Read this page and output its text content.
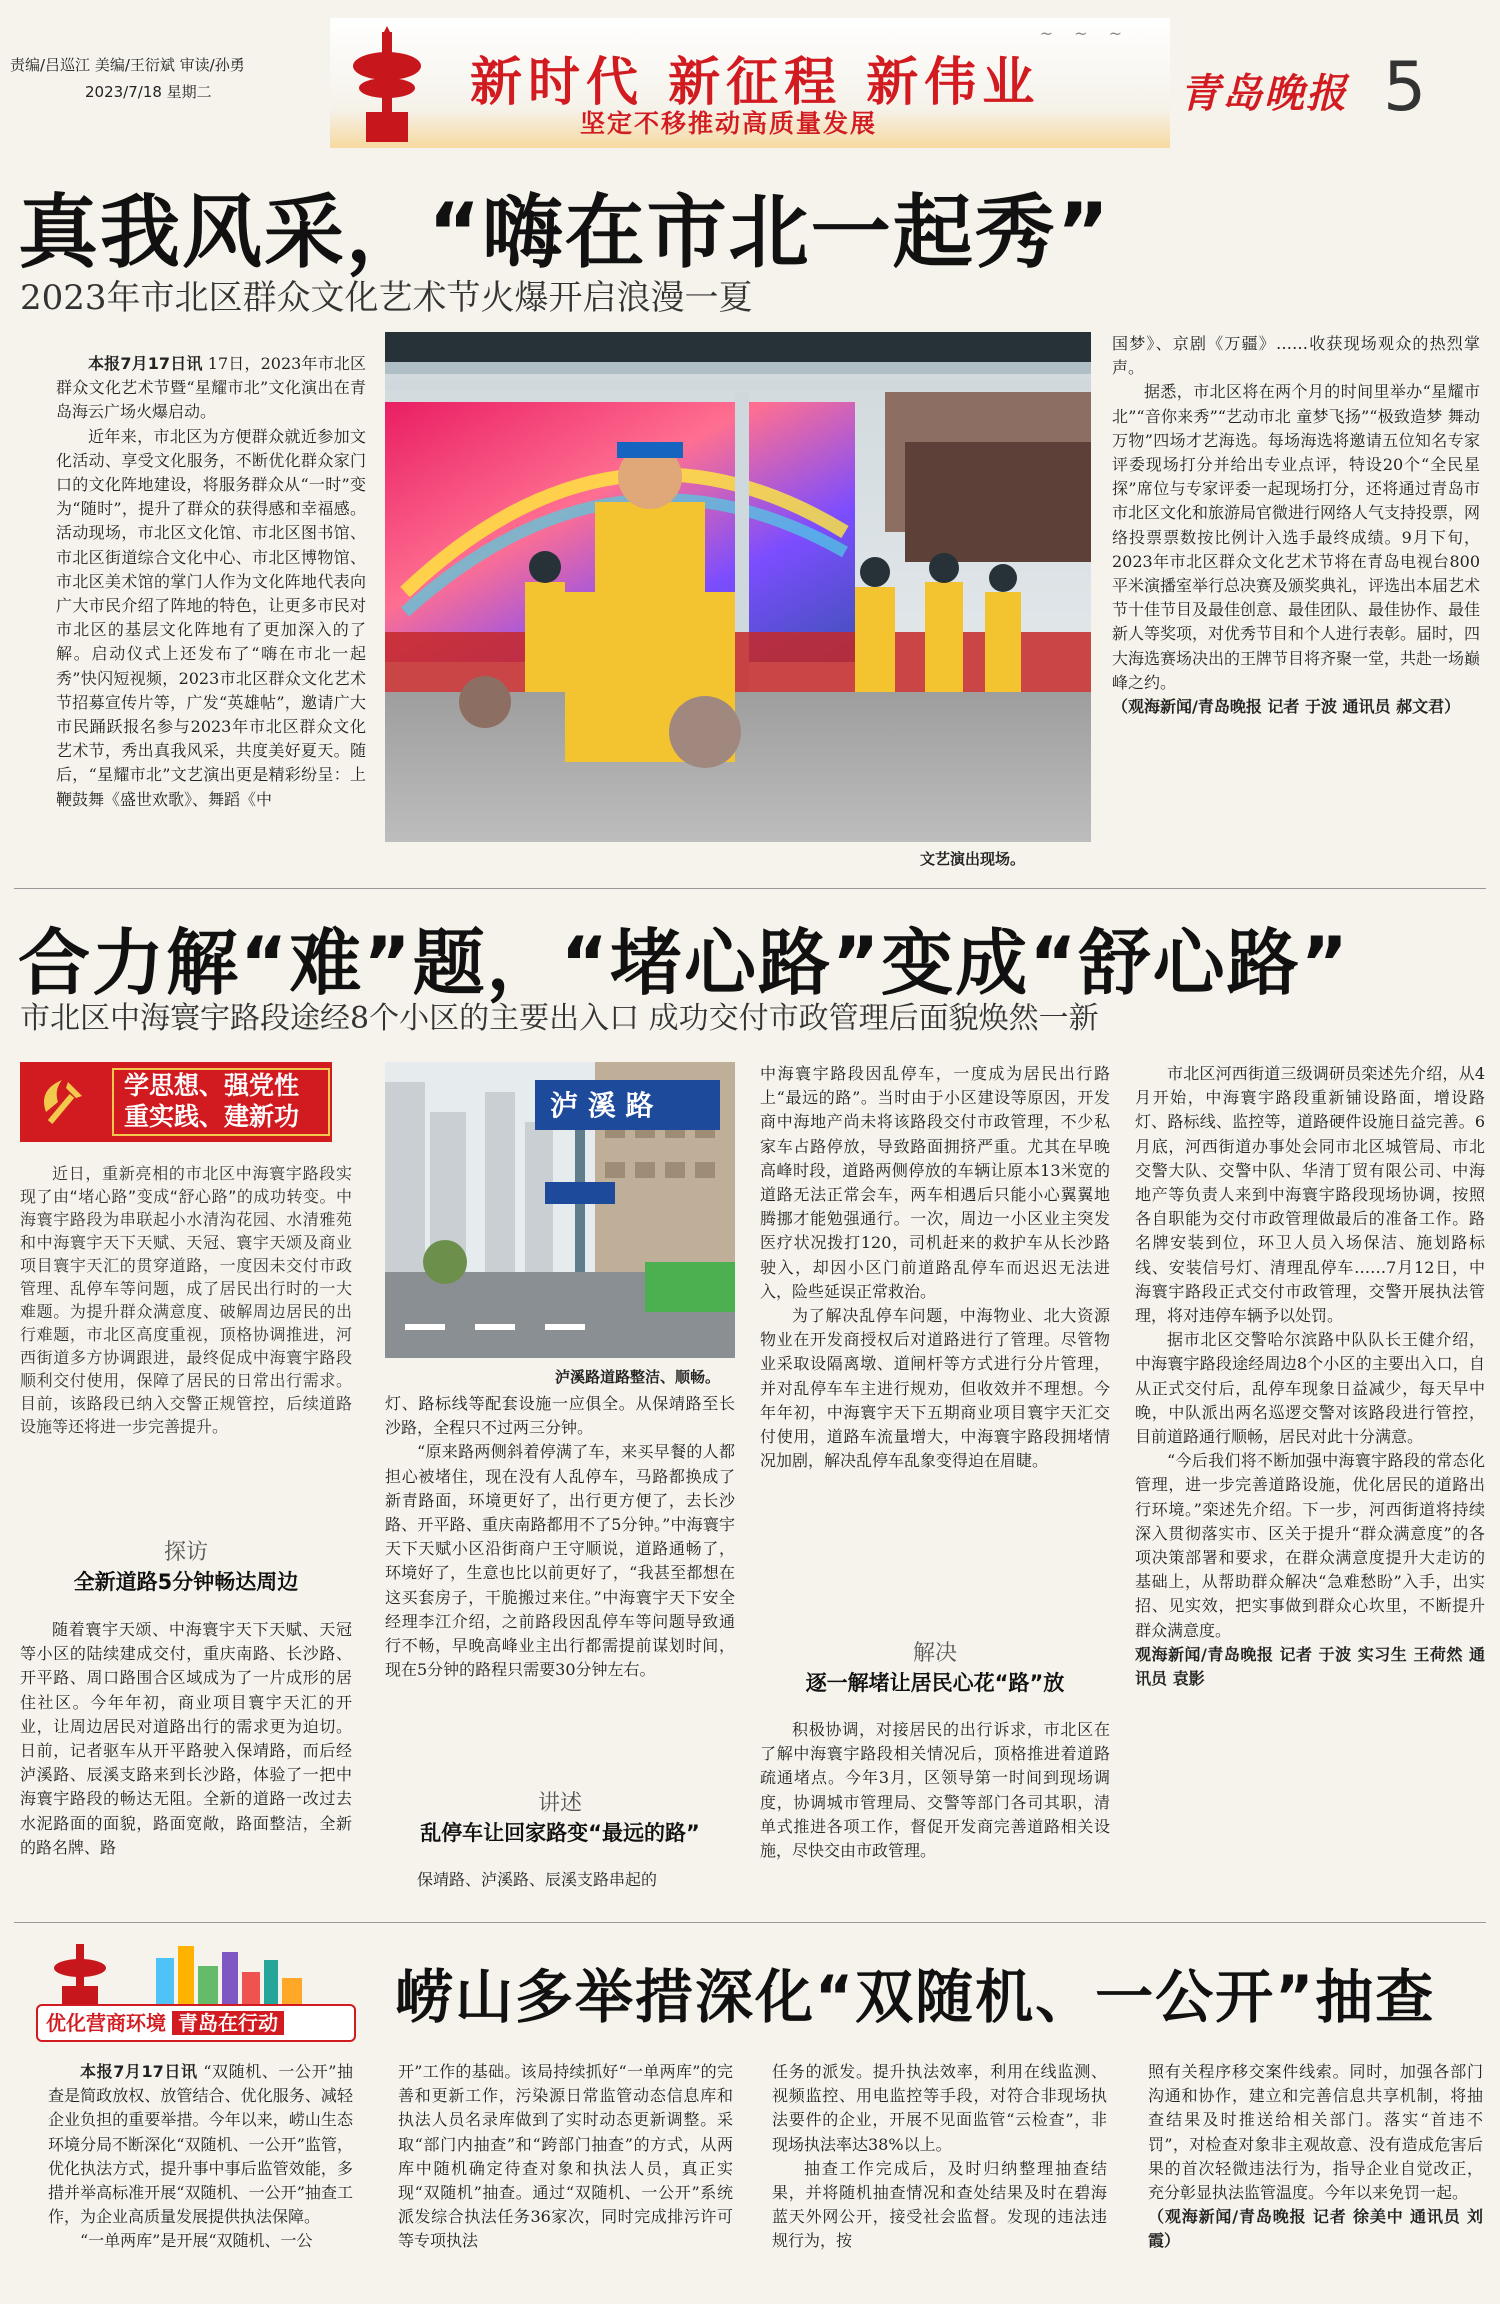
责编/吕巡江 美编/王衍斌 审读/孙勇
2023/7/18 星期二
~ ~ ~
新时代 新征程 新伟业
坚定不移推动高质量发展
青岛晚报 5
真我风采，“嗨在市北一起秀”
2023年市北区群众文化艺术节火爆开启浪漫一夏

本报7月17日讯 17日，2023年市北区群众文化艺术节暨“星耀市北”文化演出在青岛海云广场火爆启动。

近年来，市北区为方便群众就近参加文化活动、享受文化服务，不断优化群众家门口的文化阵地建设，将服务群众从“一时”变为“随时”，提升了群众的获得感和幸福感。活动现场，市北区文化馆、市北区图书馆、市北区街道综合文化中心、市北区博物馆、市北区美术馆的掌门人作为文化阵地代表向广大市民介绍了阵地的特色，让更多市民对市北区的基层文化阵地有了更加深入的了解。启动仪式上还发布了“嗨在市北一起秀”快闪短视频，2023市北区群众文化艺术节招募宣传片等，广发“英雄帖”，邀请广大市民踊跃报名参与2023年市北区群众文化艺术节，秀出真我风采，共度美好夏天。随后，“星耀市北”文艺演出更是精彩纷呈：上鞭鼓舞《盛世欢歌》、舞蹈《中

文艺演出现场。

国梦》、京剧《万疆》……收获现场观众的热烈掌声。

据悉，市北区将在两个月的时间里举办“星耀市北”“音你来秀”“艺动市北 童梦飞扬”“极致造梦 舞动万物”四场才艺海选。每场海选将邀请五位知名专家评委现场打分并给出专业点评，特设20个“全民星探”席位与专家评委一起现场打分，还将通过青岛市市北区文化和旅游局官微进行网络人气支持投票，网络投票票数按比例计入选手最终成绩。9月下旬，2023年市北区群众文化艺术节将在青岛电视台800平米演播室举行总决赛及颁奖典礼，评选出本届艺术节十佳节目及最佳创意、最佳团队、最佳协作、最佳新人等奖项，对优秀节目和个人进行表彰。届时，四大海选赛场决出的王牌节目将齐聚一堂，共赴一场巅峰之约。

（观海新闻/青岛晚报 记者 于波 通讯员 郝文君）

合力解“难”题，“堵心路”变成“舒心路”
市北区中海寰宇路段途经8个小区的主要出入口 成功交付市政管理后面貌焕然一新
学思想、强党性
重实践、建新功
近日，重新亮相的市北区中海寰宇路段实现了由“堵心路”变成“舒心路”的成功转变。中海寰宇路段为串联起小水清沟花园、水清雅苑和中海寰宇天下天赋、天冠、寰宇天颂及商业项目寰宇天汇的贯穿道路，一度因未交付市政管理、乱停车等问题，成了居民出行时的一大难题。为提升群众满意度、破解周边居民的出行难题，市北区高度重视，顶格协调推进，河西街道多方协调跟进，最终促成中海寰宇路段顺利交付使用，保障了居民的日常出行需求。目前，该路段已纳入交警正规管控，后续道路设施等还将进一步完善提升。
探访
全新道路5分钟畅达周边

随着寰宇天颂、中海寰宇天下天赋、天冠等小区的陆续建成交付，重庆南路、长沙路、开平路、周口路围合区域成为了一片成形的居住社区。今年年初，商业项目寰宇天汇的开业，让周边居民对道路出行的需求更为迫切。日前，记者驱车从开平路驶入保靖路，而后经泸溪路、辰溪支路来到长沙路，体验了一把中海寰宇路段的畅达无阻。全新的道路一改过去水泥路面的面貌，路面宽敞，路面整洁，全新的路名牌、路

泸 溪 路
泸溪路道路整洁、顺畅。

灯、路标线等配套设施一应俱全。从保靖路至长沙路，全程只不过两三分钟。

“原来路两侧斜着停满了车，来买早餐的人都担心被堵住，现在没有人乱停车，马路都换成了新青路面，环境更好了，出行更方便了，去长沙路、开平路、重庆南路都用不了5分钟。”中海寰宇天下天赋小区沿街商户王守顺说，道路通畅了，环境好了，生意也比以前更好了，“我甚至都想在这买套房子，干脆搬过来住。”中海寰宇天下安全经理李江介绍，之前路段因乱停车等问题导致通行不畅，早晚高峰业主出行都需提前谋划时间，现在5分钟的路程只需要30分钟左右。

讲述
乱停车让回家路变“最远的路”

保靖路、泸溪路、辰溪支路串起的

中海寰宇路段因乱停车，一度成为居民出行路上“最远的路”。当时由于小区建设等原因，开发商中海地产尚未将该路段交付市政管理，不少私家车占路停放，导致路面拥挤严重。尤其在早晚高峰时段，道路两侧停放的车辆让原本13米宽的道路无法正常会车，两车相遇后只能小心翼翼地腾挪才能勉强通行。一次，周边一小区业主突发医疗状况拨打120，司机赶来的救护车从长沙路驶入，却因小区门前道路乱停车而迟迟无法进入，险些延误正常救治。

为了解决乱停车问题，中海物业、北大资源物业在开发商授权后对道路进行了管理。尽管物业采取设隔离墩、道闸杆等方式进行分片管理，并对乱停车车主进行规劝，但收效并不理想。今年年初，中海寰宇天下五期商业项目寰宇天汇交付使用，道路车流量增大，中海寰宇路段拥堵情况加剧，解决乱停车乱象变得迫在眉睫。

解决
逐一解堵让居民心花“路”放

积极协调，对接居民的出行诉求，市北区在了解中海寰宇路段相关情况后，顶格推进着道路疏通堵点。今年3月，区领导第一时间到现场调度，协调城市管理局、交警等部门各司其职，清单式推进各项工作，督促开发商完善道路相关设施，尽快交由市政管理。

市北区河西街道三级调研员栾述先介绍，从4月开始，中海寰宇路段重新铺设路面，增设路灯、路标线、监控等，道路硬件设施日益完善。6月底，河西街道办事处会同市北区城管局、市北交警大队、交警中队、华清丁贸有限公司、中海地产等负责人来到中海寰宇路段现场协调，按照各自职能为交付市政管理做最后的准备工作。路名牌安装到位，环卫人员入场保洁、施划路标线、安装信号灯、清理乱停车……7月12日，中海寰宇路段正式交付市政管理，交警开展执法管理，将对违停车辆予以处罚。

据市北区交警哈尔滨路中队队长王健介绍，中海寰宇路段途经周边8个小区的主要出入口，自从正式交付后，乱停车现象日益减少，每天早中晚，中队派出两名巡逻交警对该路段进行管控，目前道路通行顺畅，居民对此十分满意。

“今后我们将不断加强中海寰宇路段的常态化管理，进一步完善道路设施，优化居民的道路出行环境。”栾述先介绍。下一步，河西街道将持续深入贯彻落实市、区关于提升“群众满意度”的各项决策部署和要求，在群众满意度提升大走访的基础上，从帮助群众解决“急难愁盼”入手，出实招、见实效，把实事做到群众心坎里，不断提升群众满意度。

观海新闻/青岛晚报 记者 于波 实习生 王荷然 通讯员 袁影

优化营商环境 青岛在行动	崂山多举措深化“双随机、一公开”抽查

本报7月17日讯 “双随机、一公开”抽查是简政放权、放管结合、优化服务、减轻企业负担的重要举措。今年以来，崂山生态环境分局不断深化“双随机、一公开”监管，优化执法方式，提升事中事后监管效能，多措并举高标准开展“双随机、一公开”抽查工作，为企业高质量发展提供执法保障。

“一单两库”是开展“双随机、一公

开”工作的基础。该局持续抓好“一单两库”的完善和更新工作，污染源日常监管动态信息库和执法人员名录库做到了实时动态更新调整。采取“部门内抽查”和“跨部门抽查”的方式，从两库中随机确定待查对象和执法人员，真正实现“双随机”抽查。通过“双随机、一公开”系统派发综合执法任务36家次，同时完成排污许可等专项执法

任务的派发。提升执法效率，利用在线监测、视频监控、用电监控等手段，对符合非现场执法要件的企业，开展不见面监管“云检查”，非现场执法率达38%以上。

抽查工作完成后，及时归纳整理抽查结果，并将随机抽查情况和查处结果及时在碧海蓝天外网公开，接受社会监督。发现的违法违规行为，按

照有关程序移交案件线索。同时，加强各部门沟通和协作，建立和完善信息共享机制，将抽查结果及时推送给相关部门。落实“首违不罚”，对检查对象非主观故意、没有造成危害后果的首次轻微违法行为，指导企业自觉改正，充分彰显执法监管温度。今年以来免罚一起。

（观海新闻/青岛晚报 记者 徐美中 通讯员 刘霞）
